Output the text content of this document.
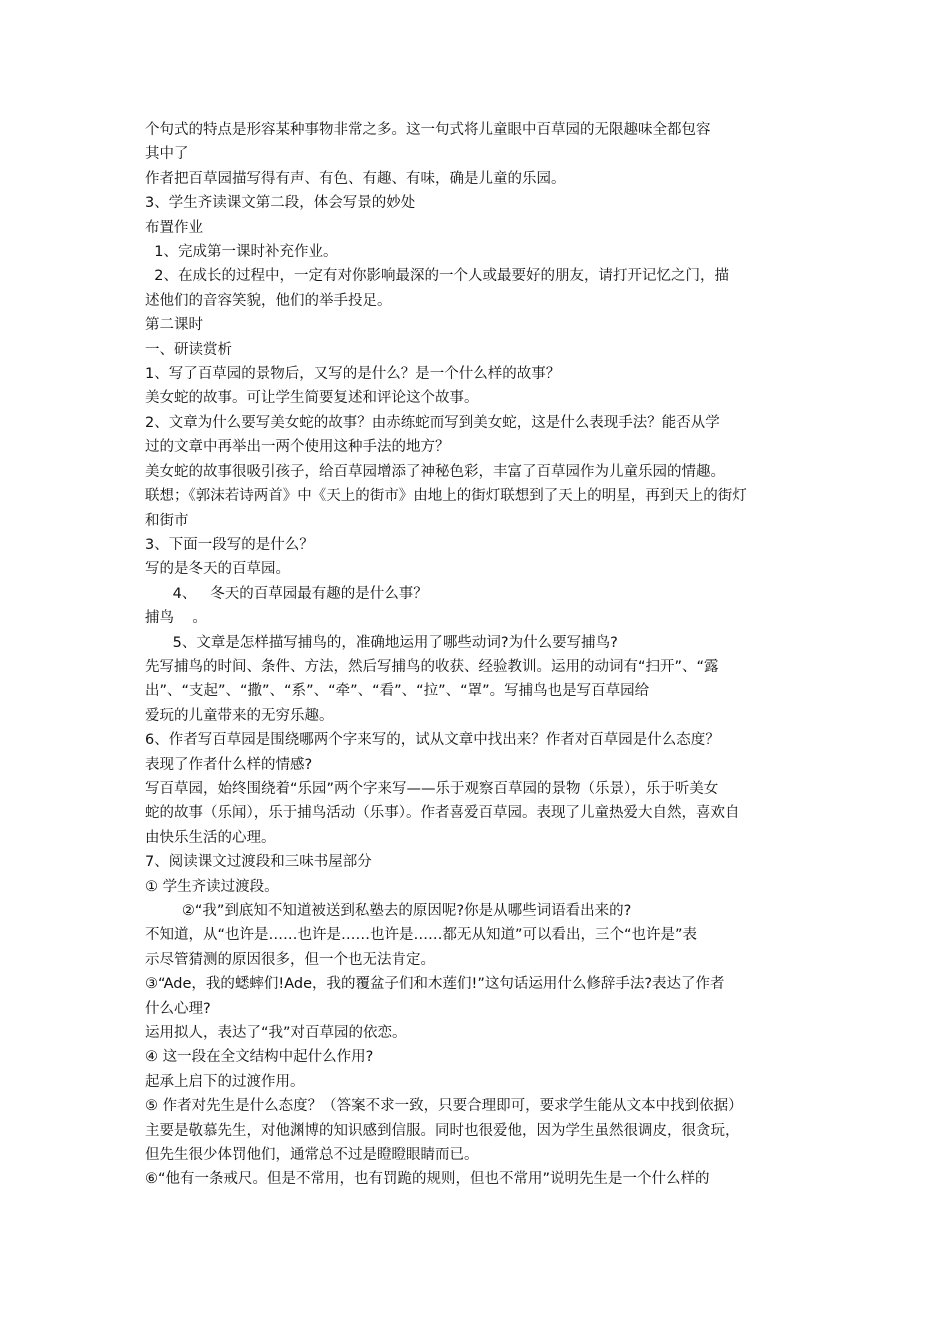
个句式的特点是形容某种事物非常之多。这一句式将儿童眼中百草园的无限趣味全都包容
其中了
作者把百草园描写得有声、有色、有趣、有味，确是儿童的乐园。
3、学生齐读课文第二段，体会写景的妙处
布置作业
1、完成第一课时补充作业。
2、在成长的过程中，一定有对你影响最深的一个人或最要好的朋友，请打开记忆之门，描
述他们的音容笑貌，他们的举手投足。
第二课时
一、研读赏析
1、写了百草园的景物后，又写的是什么？是一个什么样的故事？
美女蛇的故事。可让学生简要复述和评论这个故事。
2、文章为什么要写美女蛇的故事？由赤练蛇而写到美女蛇，这是什么表现手法？能否从学
过的文章中再举出一两个使用这种手法的地方？
美女蛇的故事很吸引孩子，给百草园增添了神秘色彩，丰富了百草园作为儿童乐园的情趣。
联想；《郭沫若诗两首》中《天上的街市》由地上的街灯联想到了天上的明星，再到天上的街灯
和街市
3、下面一段写的是什么？
写的是冬天的百草园。
4、   冬天的百草园最有趣的是什么事？
捕鸟    。
5、文章是怎样描写捕鸟的，准确地运用了哪些动词?为什么要写捕鸟?
先写捕鸟的时间、条件、方法，然后写捕鸟的收获、经验教训。运用的动词有“扫开”、“露
出”、“支起”、“撒”、“系”、“牵”、“看”、“拉”、“罩”。写捕鸟也是写百草园给
爱玩的儿童带来的无穷乐趣。
6、作者写百草园是围绕哪两个字来写的，试从文章中找出来？作者对百草园是什么态度？
表现了作者什么样的情感?
写百草园，始终围绕着“乐园”两个字来写——乐于观察百草园的景物（乐景），乐于听美女
蛇的故事（乐闻），乐于捕鸟活动（乐事）。作者喜爱百草园。表现了儿童热爱大自然，喜欢自
由快乐生活的心理。
7、阅读课文过渡段和三味书屋部分
① 学生齐读过渡段。
②“我”到底知不知道被送到私塾去的原因呢?你是从哪些词语看出来的?
不知道，从“也许是……也许是……也许是……都无从知道”可以看出，三个“也许是”表
示尽管猜测的原因很多，但一个也无法肯定。
③“Ade，我的蟋蟀们!Ade，我的覆盆子们和木莲们!”这句话运用什么修辞手法?表达了作者
什么心理?
运用拟人，表达了“我”对百草园的依恋。
④ 这一段在全文结构中起什么作用?
起承上启下的过渡作用。
⑤ 作者对先生是什么态度？（答案不求一致，只要合理即可，要求学生能从文本中找到依据）
主要是敬慕先生，对他渊博的知识感到信服。同时也很爱他，因为学生虽然很调皮，很贪玩，
但先生很少体罚他们，通常总不过是瞪瞪眼睛而已。
⑥“他有一条戒尺。但是不常用，也有罚跪的规则，但也不常用”说明先生是一个什么样的
